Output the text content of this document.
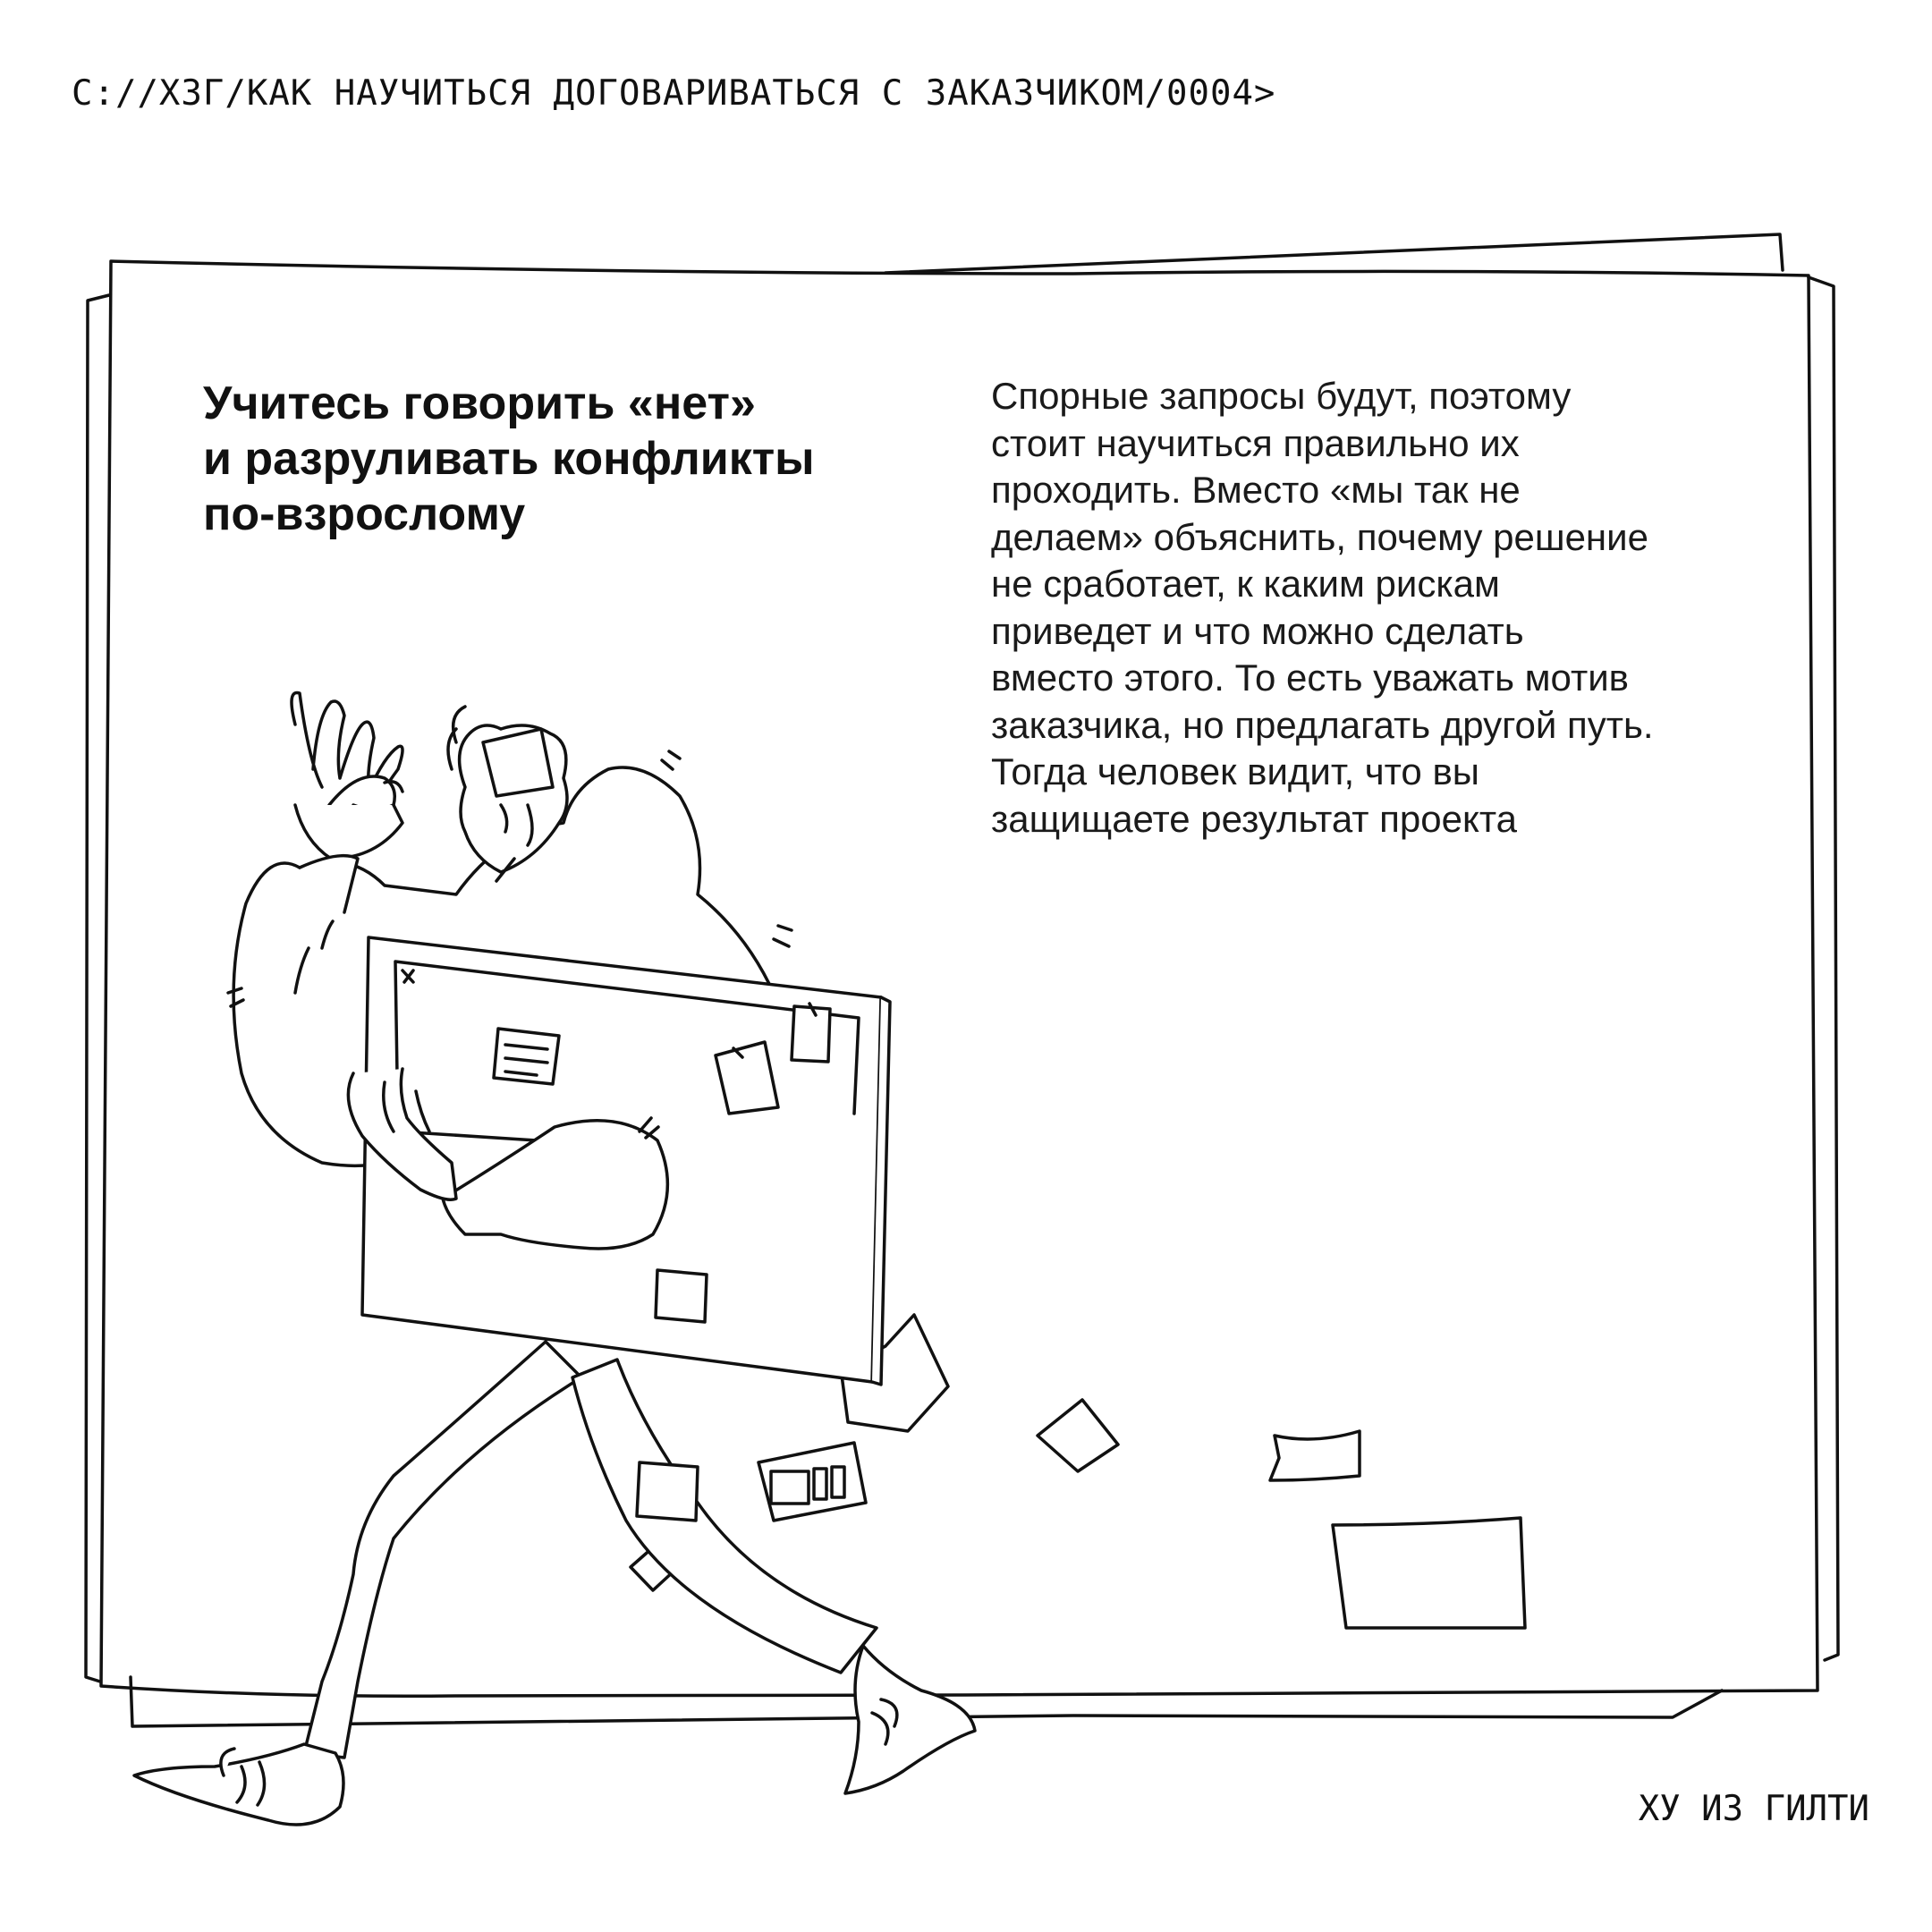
С://ХЗГ/КАК НАУЧИТЬСЯ ДОГОВАРИВАТЬСЯ С ЗАКАЗЧИКОМ/0004>
Учитесь говорить «нет»
и разруливать конфликты
по-взрослому

Спорные запросы будут, поэтому
стоит научиться правильно их
проходить. Вместо «мы так не
делаем» объяснить, почему решение
не сработает, к каким рискам
приведет и что можно сделать
вместо этого. То есть уважать мотив
заказчика, но предлагать другой путь.
Тогда человек видит, что вы
защищаете результат проекта

ХУ ИЗ ГИЛТИ
